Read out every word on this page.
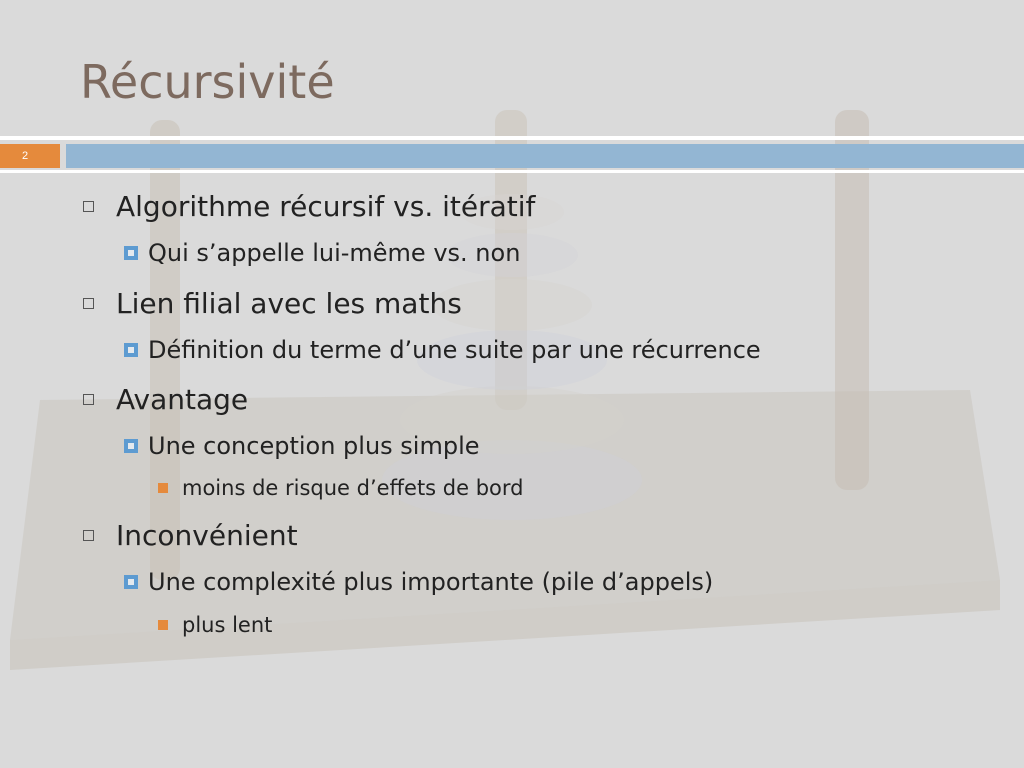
Récursivité
2
Algorithme récursif vs. itératif
Qui s’appelle lui-même vs. non
Lien filial avec les maths
Définition du terme d’une suite par une récurrence
Avantage
Une conception plus simple
moins de risque d’effets de bord
Inconvénient
Une complexité plus importante (pile d’appels)
plus lent
